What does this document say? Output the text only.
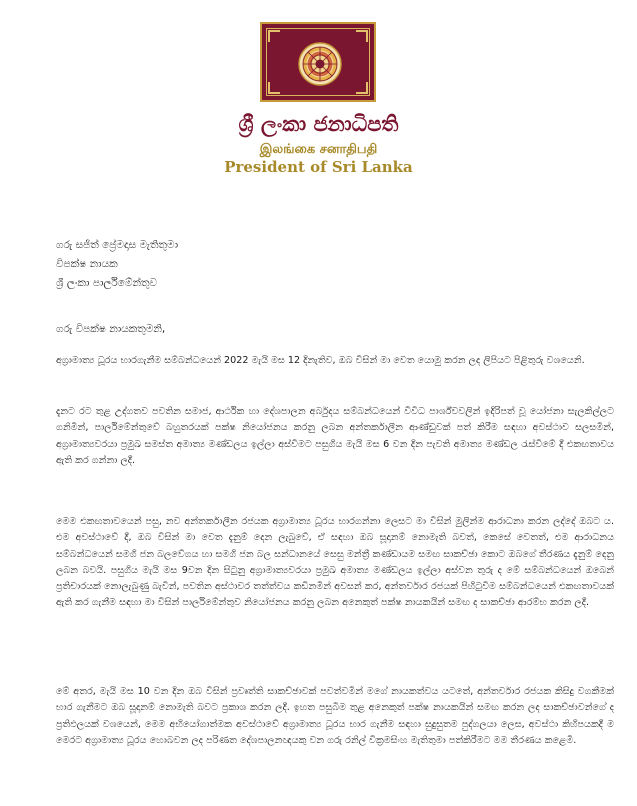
ශ්‍රී ලංකා ජනාධිපති
இலங்கை சனாதிபதி
President of Sri Lanka
ගරු සජිත් ප්‍රේමදාස මැතිතුමා
විපක්ෂ නායක
ශ්‍රී ලංකා පාර්ලිමේන්තුව
ගරු විපක්ෂ නායකතුමනි,

අග්‍රාමාත්‍ය ධූරය භාරගැනීම සම්බන්ධයෙන් 2022 මැයි මස 12 දිනැතිව, ඔබ විසින් මා වෙත යොමු කරන ලද ලිපියට පිළිතුරු වශයෙනි.

දැනට රට තුළ උද්ගතව පවතින සමාජ, ආර්ථික හා දේශපාලන අර්බුදය සම්බන්ධයෙන් විවිධ පාර්ශ්වවලින් ඉදිරිපත් වූ යෝජනා සැලකිල්ලට ගනිමින්, පාර්ලිමේන්තුවේ බහුතරයක් පක්ෂ නියෝජනය කරනු ලබන අන්තර්කාලීන ආණ්ඩුවක් පත් කිරීම සඳහා අවස්ථාව සලසමින්, අග්‍රාමාත්‍යවරයා ප්‍රමුඛ සමස්ත අමාත්‍ය මණ්ඩලය ඉල්ලා අස්වීමට පසුගිය මැයි මස 6 වන දින පැවති අමාත්‍ය මණ්ඩල රැස්වීමේ දී එකඟතාවය ඇති කර ගන්නා ලදී.

මෙම එකඟතාවයෙන් පසු, නව අන්තර්කාලීන රජයක අග්‍රාමාත්‍ය ධූරය භාරගන්නා ලෙසට මා විසින් මුලින්ම ආරාධනා කරන ලද්දේ ඔබට ය. එම අවස්ථාවේ දී, ඔබ විසින් මා වෙත දැනුම් දෙන ලැබුවේ, ඒ සඳහා ඔබ සූදානම් නොමැති බවත්, කෙසේ වෙතත්, එම ආරාධනය සම්බන්ධයෙන් සමගි ජන බලවේගය හා සමගි ජන බල සන්ධානයේ සෙසු මන්ත්‍රී කණ්ඩායම සමඟ සාකච්ඡා කොට ඔබගේ තීරණය දැනුම් දෙනු ලබන බවයි. පසුගිය මැයි මස 9වන දින සිටුනු අග්‍රාමාත්‍යවරයා ප්‍රමුඛ අමාත්‍ය මණ්ඩලය ඉල්ලා අස්වන තුරු ද මේ සම්බන්ධයෙන් ඔබෙන් ප්‍රතිචාරයක් නොලැබුණු බැවින්, පවතින අස්ථාවර තත්ත්වය කඩිනමින් අවසන් කර, අන්තර්වාර රජයක් පිහිටුවීම සම්බන්ධයෙන් එකඟතාවයක් ඇති කර ගැනීම සඳහා මා විසින් පාර්ලිමේන්තුව නියෝජනය කරනු ලබන අනෙකුත් පක්ෂ නායකයින් සමඟ ද සාකච්ඡා ආරම්භ කරන ලදී.

මේ අතර, මැයි මස 10 වන දින ඔබ විසින් ප්‍රවෘත්ති සාකච්ඡාවක් පවත්වමින් මගේ නායකත්වය යටතේ, අන්තර්වාර රජයක කිසිදු වගකීමක් භාර ගැනීමට ඔබ සූදානම් නොමැති බවට ප්‍රකාශ කරන ලදී. ඉහත පසුබිම තුළ අනෙකුත් පක්ෂ නායකයින් සමඟ කරන ලද සාකච්ඡාවන්ගේ ද ප්‍රතිඵලයක් වශයෙන්, මෙම අභියෝගාත්මක අවස්ථාවේ අග්‍රාමාත්‍ය ධූරය භාර ගැනීම සඳහා සුදුසුතම පුද්ගලයා ලෙස, අවස්ථා කිහිපයකදී ම මෙරට අග්‍රාමාත්‍ය ධූරය හොබවන ලද පරිණත දේශපාලනඥයකු වන ගරු රනිල් වික්‍රමසිංහ මැතිතුමා පත්කිරීමට මම තීරණය කළෙමි.
